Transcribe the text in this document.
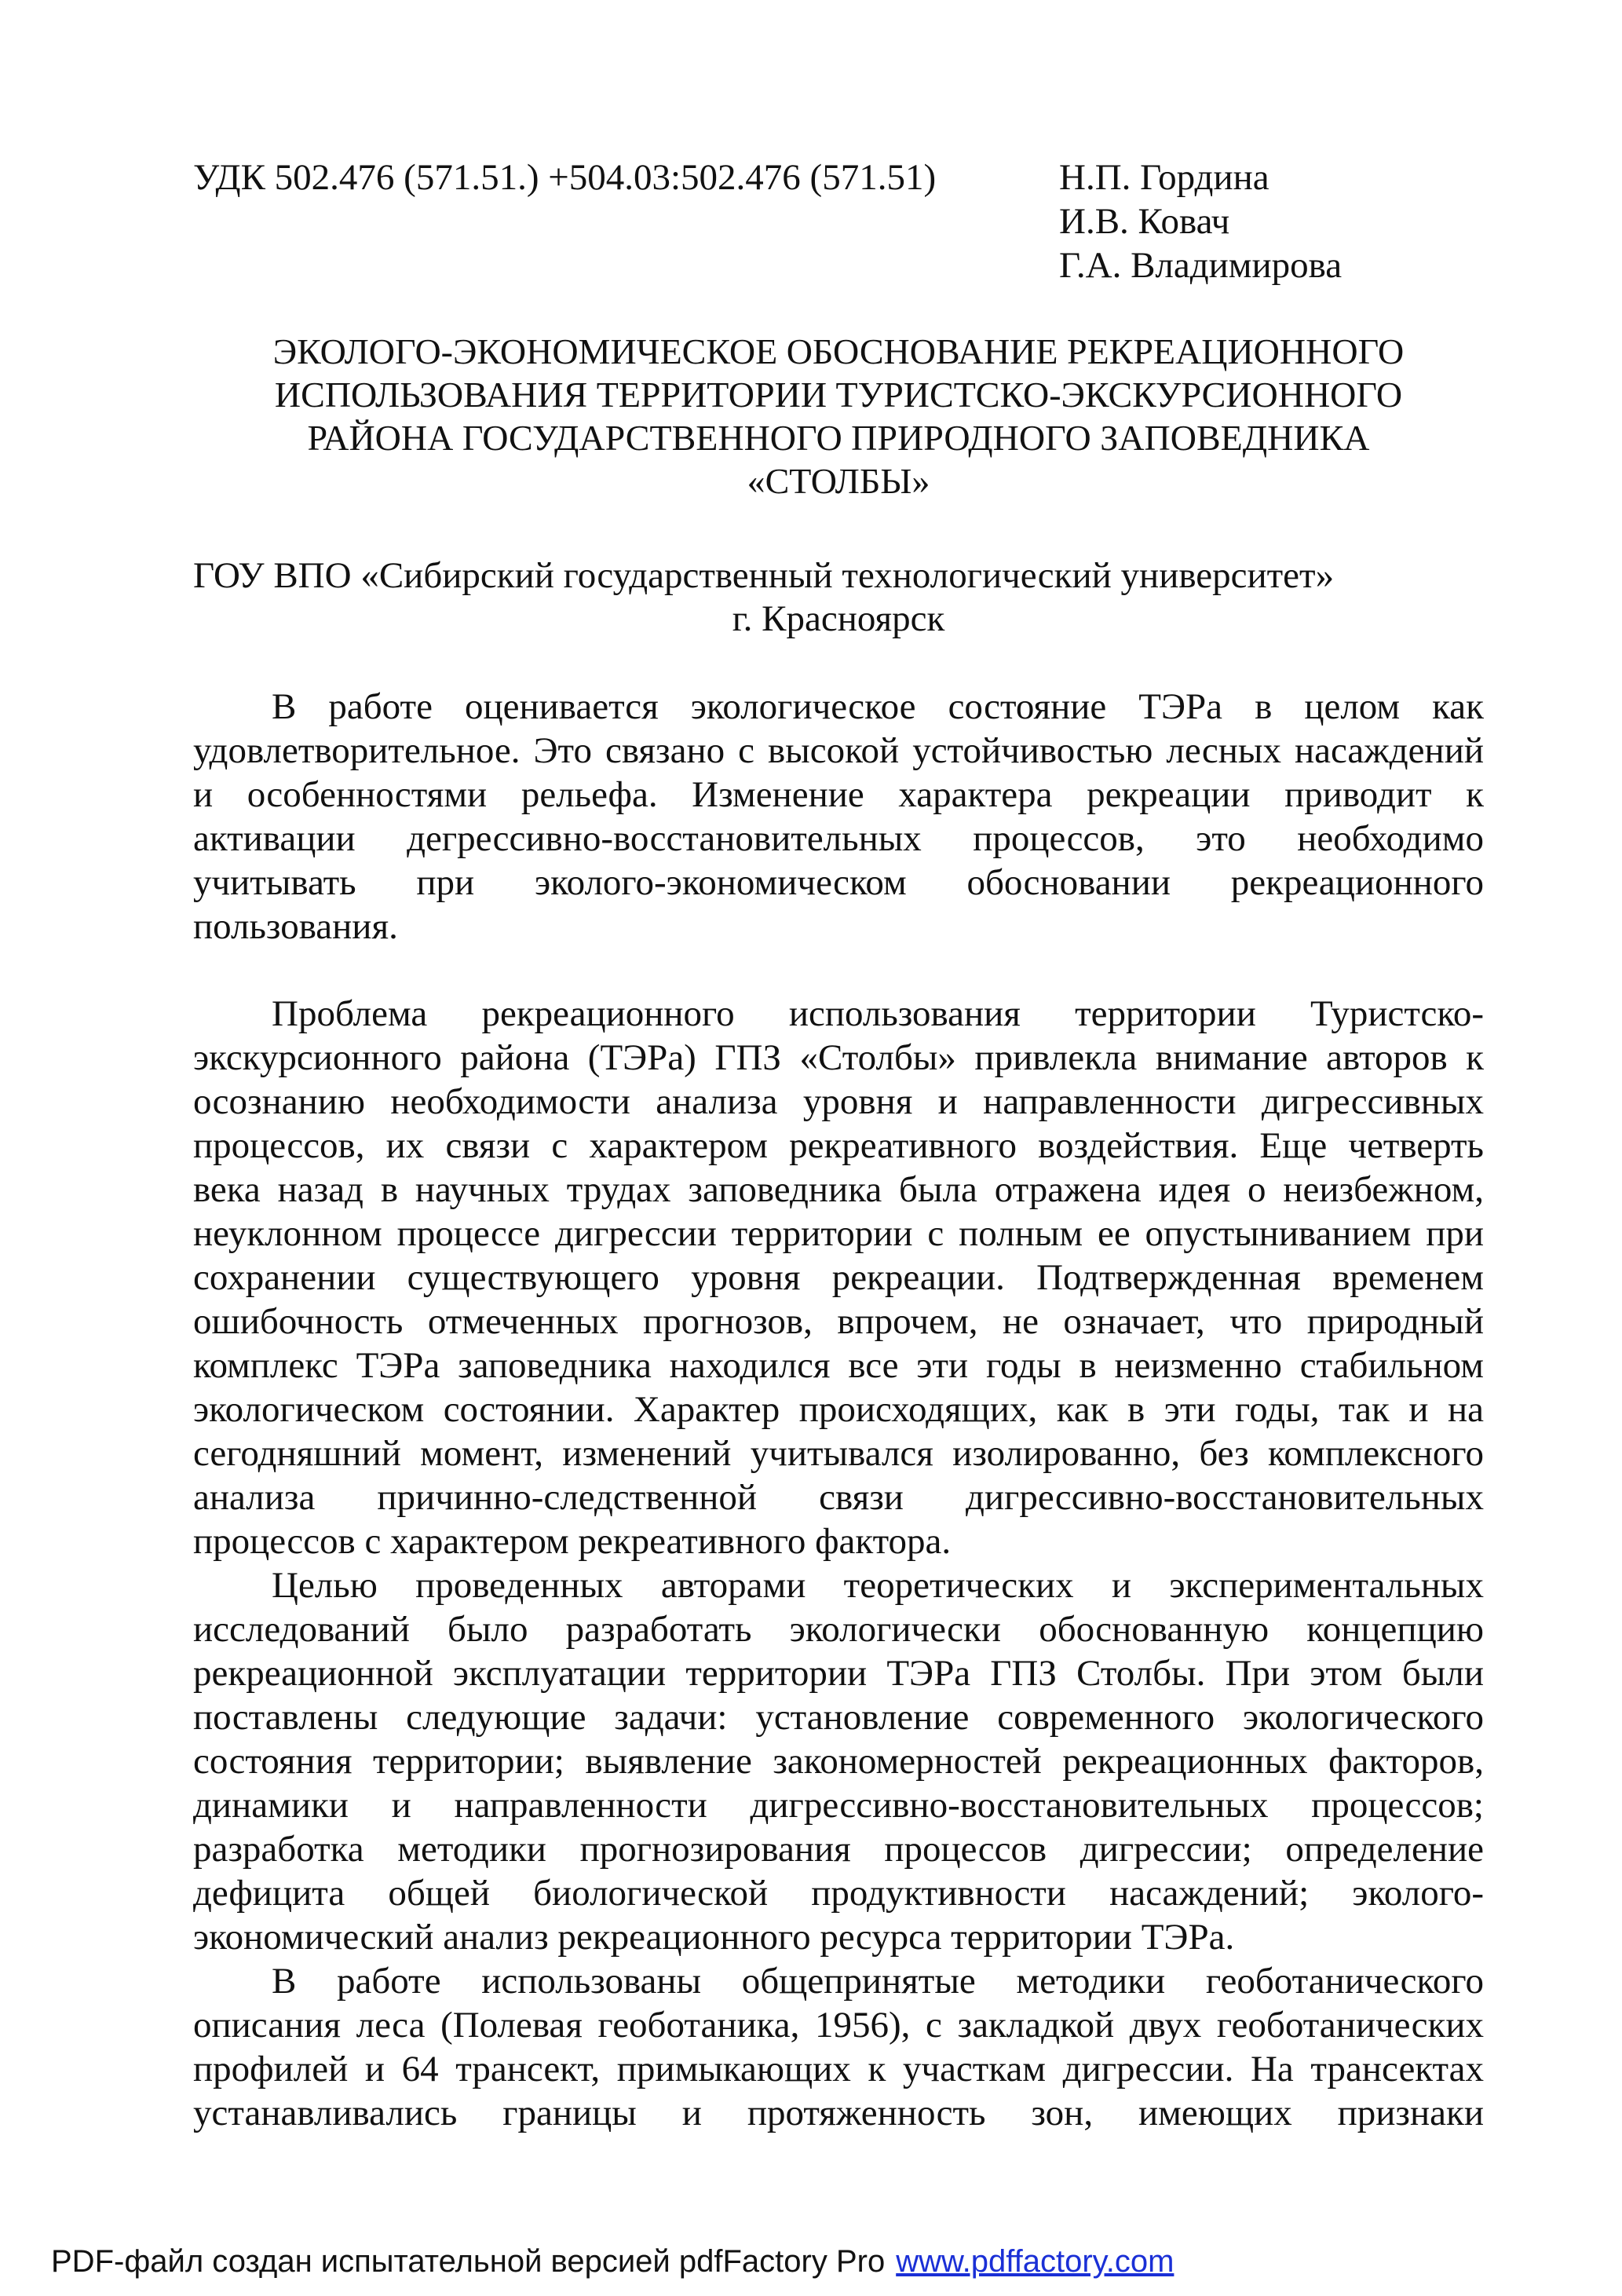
УДК 502.476 (571.51.) +504.03:502.476 (571.51)	Н.П. Гордина
И.В. Ковач
Г.А. Владимирова
ЭКОЛОГО-ЭКОНОМИЧЕСКОЕ ОБОСНОВАНИЕ РЕКРЕАЦИОННОГО
ИСПОЛЬЗОВАНИЯ ТЕРРИТОРИИ ТУРИСТСКО-ЭКСКУРСИОННОГО
РАЙОНА ГОСУДАРСТВЕННОГО ПРИРОДНОГО ЗАПОВЕДНИКА
«СТОЛБЫ»
ГОУ ВПО «Сибирский государственный технологический университет»
г. Красноярск
В работе оценивается экологическое состояние ТЭРа в целом как
удовлетворительное. Это связано с высокой устойчивостью лесных насаждений
и особенностями рельефа. Изменение характера рекреации приводит к
активации дегрессивно-восстановительных процессов, это необходимо
учитывать при эколого-экономическом обосновании рекреационного
пользования.
Проблема рекреационного использования территории Туристско-
экскурсионного района (ТЭРа) ГПЗ «Столбы» привлекла внимание авторов к
осознанию необходимости анализа уровня и направленности дигрессивных
процессов, их связи с характером рекреативного воздействия. Еще четверть
века назад в научных трудах заповедника была отражена идея о неизбежном,
неуклонном процессе дигрессии территории с полным ее опустыниванием при
сохранении существующего уровня рекреации. Подтвержденная временем
ошибочность отмеченных прогнозов, впрочем, не означает, что природный
комплекс ТЭРа заповедника находился все эти годы в неизменно стабильном
экологическом состоянии. Характер происходящих, как в эти годы, так и на
сегодняшний момент, изменений учитывался изолированно, без комплексного
анализа причинно-следственной связи дигрессивно-восстановительных
процессов с характером рекреативного фактора.
Целью проведенных авторами теоретических и экспериментальных
исследований было разработать экологически обоснованную концепцию
рекреационной эксплуатации территории ТЭРа ГПЗ Столбы. При этом были
поставлены следующие задачи: установление современного экологического
состояния территории; выявление закономерностей рекреационных факторов,
динамики и направленности дигрессивно-восстановительных процессов;
разработка методики прогнозирования процессов дигрессии; определение
дефицита общей биологической продуктивности насаждений; эколого-
экономический анализ рекреационного ресурса территории ТЭРа.
В работе использованы общепринятые методики геоботанического
описания леса (Полевая геоботаника, 1956), с закладкой двух геоботанических
профилей и 64 трансект, примыкающих к участкам дигрессии. На трансектах
устанавливались границы и протяженность зон, имеющих признаки
PDF-файл создан испытательной версией pdfFactory Pro www.pdffactory.com
